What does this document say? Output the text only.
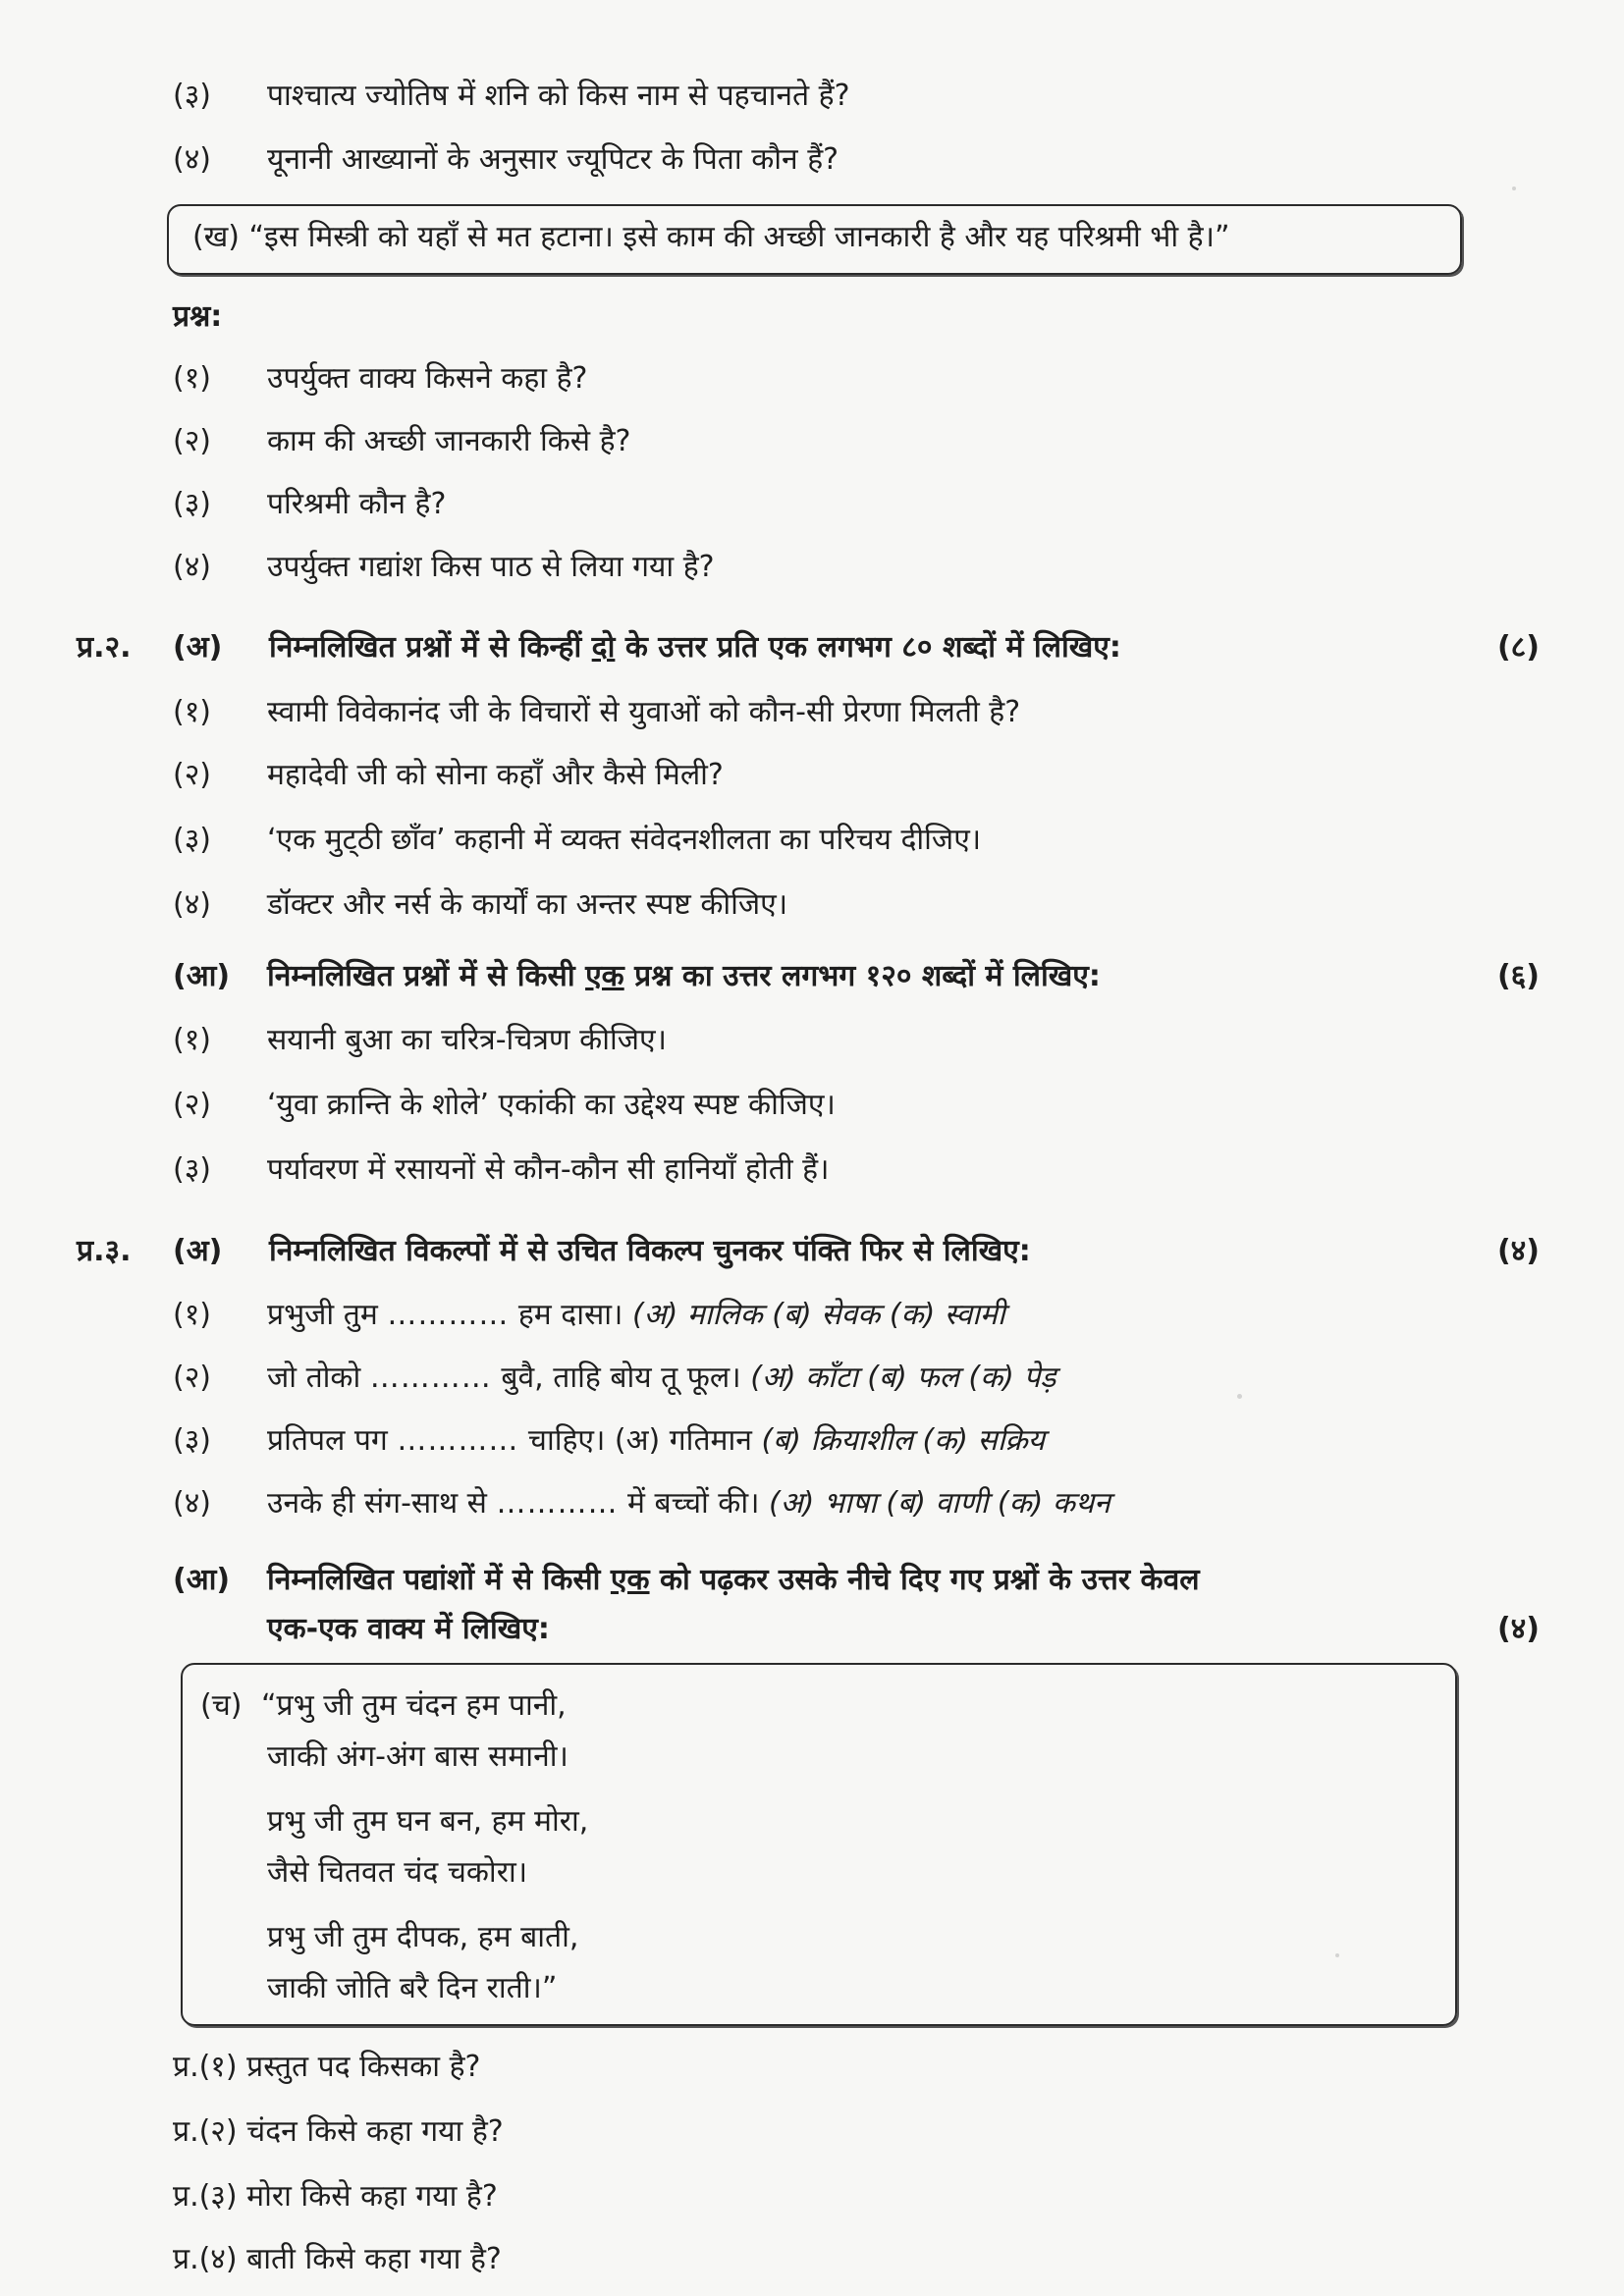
(३) पाश्चात्य ज्योतिष में शनि को किस नाम से पहचानते हैं?
(४) यूनानी आख्यानों के अनुसार ज्यूपिटर के पिता कौन हैं?
(ख) “इस मिस्त्री को यहाँ से मत हटाना। इसे काम की अच्छी जानकारी है और यह परिश्रमी भी है।”
प्रश्न:
(१) उपर्युक्त वाक्य किसने कहा है?
(२) काम की अच्छी जानकारी किसे है?
(३) परिश्रमी कौन है?
(४) उपर्युक्त गद्यांश किस पाठ से लिया गया है?
प्र.२. (अ) निम्नलिखित प्रश्नों में से किन्हीं दो के उत्तर प्रति एक लगभग ८० शब्दों में लिखिए:	(८)
(१) स्वामी विवेकानंद जी के विचारों से युवाओं को कौन-सी प्रेरणा मिलती है?
(२) महादेवी जी को सोना कहाँ और कैसे मिली?
(३) ‘एक मुट्‌ठी छाँव’ कहानी में व्यक्त संवेदनशीलता का परिचय दीजिए।
(४) डॉक्टर और नर्स के कार्यों का अन्तर स्पष्ट कीजिए।
(आ) निम्नलिखित प्रश्नों में से किसी एक प्रश्न का उत्तर लगभग १२० शब्दों में लिखिए:	(६)
(१) सयानी बुआ का चरित्र-चित्रण कीजिए।
(२) ‘युवा क्रान्ति के शोले’ एकांकी का उद्देश्य स्पष्ट कीजिए।
(३) पर्यावरण में रसायनों से कौन-कौन सी हानियाँ होती हैं।
प्र.३. (अ) निम्नलिखित विकल्पों में से उचित विकल्प चुनकर पंक्ति फिर से लिखिए:	(४)
(१) प्रभुजी तुम ………… हम दासा। (अ) मालिक (ब) सेवक (क) स्वामी
(२) जो तोको ………… बुवै, ताहि बोय तू फूल। (अ) काँटा (ब) फल (क) पेड़
(३) प्रतिपल पग ………… चाहिए। (अ) गतिमान (ब) क्रियाशील (क) सक्रिय
(४) उनके ही संग-साथ से ………… में बच्चों की। (अ) भाषा (ब) वाणी (क) कथन
(आ) निम्नलिखित पद्यांशों में से किसी एक को पढ़कर उसके नीचे दिए गए प्रश्नों के उत्तर केवल
एक-एक वाक्य में लिखिए:	(४)
(च) “प्रभु जी तुम चंदन हम पानी,
जाकी अंग-अंग बास समानी।
प्रभु जी तुम घन बन, हम मोरा,
जैसे चितवत चंद चकोरा।
प्रभु जी तुम दीपक, हम बाती,
जाकी जोति बरै दिन राती।”
प्र.(१) प्रस्तुत पद किसका है?
प्र.(२) चंदन किसे कहा गया है?
प्र.(३) मोरा किसे कहा गया है?
प्र.(४) बाती किसे कहा गया है?
